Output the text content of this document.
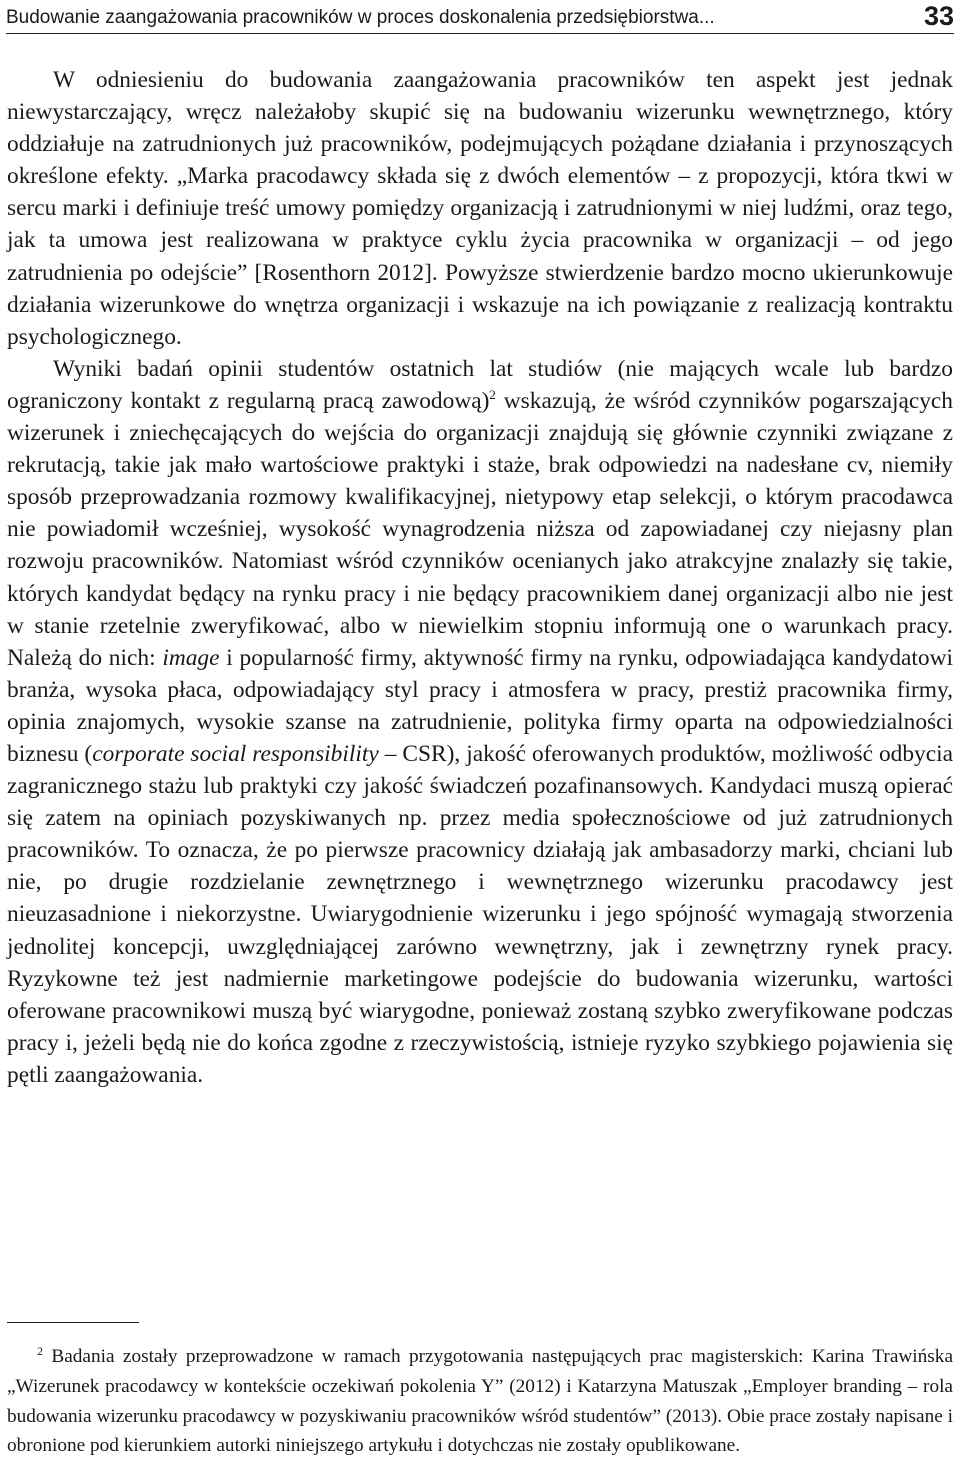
Budowanie zaangażowania pracowników w proces doskonalenia przedsiębiorstwa...	33

W odniesieniu do budowania zaangażowania pracowników ten aspekt jest jednak niewystarczający, wręcz należałoby skupić się na budowaniu wizerunku wewnętrznego, który oddziałuje na zatrudnionych już pracowników, podejmujących pożądane działania i przynoszących określone efekty. „Marka pracodawcy składa się z dwóch elementów – z propozycji, która tkwi w sercu marki i definiuje treść umowy pomiędzy organizacją i zatrudnionymi w niej ludźmi, oraz tego, jak ta umowa jest realizowana w praktyce cyklu życia pracownika w organizacji – od jego zatrudnienia po odejście” [Rosenthorn 2012]. Powyższe stwierdzenie bardzo mocno ukierunkowuje działania wizerunkowe do wnętrza organizacji i wskazuje na ich powiązanie z realizacją kontraktu psychologicznego.

Wyniki badań opinii studentów ostatnich lat studiów (nie mających wcale lub bardzo ograniczony kontakt z regularną pracą zawodową)$^2$ wskazują, że wśród czynników pogarszających wizerunek i zniechęcających do wejścia do organizacji znajdują się głównie czynniki związane z rekrutacją, takie jak mało wartościowe praktyki i staże, brak odpowiedzi na nadesłane cv, niemiły sposób przeprowadzania rozmowy kwalifikacyjnej, nietypowy etap selekcji, o którym pracodawca nie powiadomił wcześniej, wysokość wynagrodzenia niższa od zapowiadanej czy niejasny plan rozwoju pracowników. Natomiast wśród czynników ocenianych jako atrakcyjne znalazły się takie, których kandydat będący na rynku pracy i nie będący pracownikiem danej organizacji albo nie jest w stanie rzetelnie zweryfikować, albo w niewielkim stopniu informują one o warunkach pracy. Należą do nich: image i popularność firmy, aktywność firmy na rynku, odpowiadająca kandydatowi branża, wysoka płaca, odpowiadający styl pracy i atmosfera w pracy, prestiż pracownika firmy, opinia znajomych, wysokie szanse na zatrudnienie, polityka firmy oparta na odpowiedzialności biznesu (corporate social responsibility – CSR), jakość oferowanych produktów, możliwość odbycia zagranicznego stażu lub praktyki czy jakość świadczeń pozafinansowych. Kandydaci muszą opierać się zatem na opiniach pozyskiwanych np. przez media społecznościowe od już zatrudnionych pracowników. To oznacza, że po pierwsze pracownicy działają jak ambasadorzy marki, chciani lub nie, po drugie rozdzielanie zewnętrznego i wewnętrznego wizerunku pracodawcy jest nieuzasadnione i niekorzystne. Uwiarygodnienie wizerunku i jego spójność wymagają stworzenia jednolitej koncepcji, uwzględniającej zarówno wewnętrzny, jak i zewnętrzny rynek pracy. Ryzykowne też jest nadmiernie marketingowe podejście do budowania wizerunku, wartości oferowane pracownikowi muszą być wiarygodne, ponieważ zostaną szybko zweryfikowane podczas pracy i, jeżeli będą nie do końca zgodne z rzeczywistością, istnieje ryzyko szybkiego pojawienia się pętli zaangażowania.

$^2$ Badania zostały przeprowadzone w ramach przygotowania następujących prac magisterskich: Karina Trawińska „Wizerunek pracodawcy w kontekście oczekiwań pokolenia Y” (2012) i Katarzyna Matuszak „Employer branding – rola budowania wizerunku pracodawcy w pozyskiwaniu pracowników wśród studentów” (2013). Obie prace zostały napisane i obronione pod kierunkiem autorki niniejszego artykułu i dotychczas nie zostały opublikowane.
